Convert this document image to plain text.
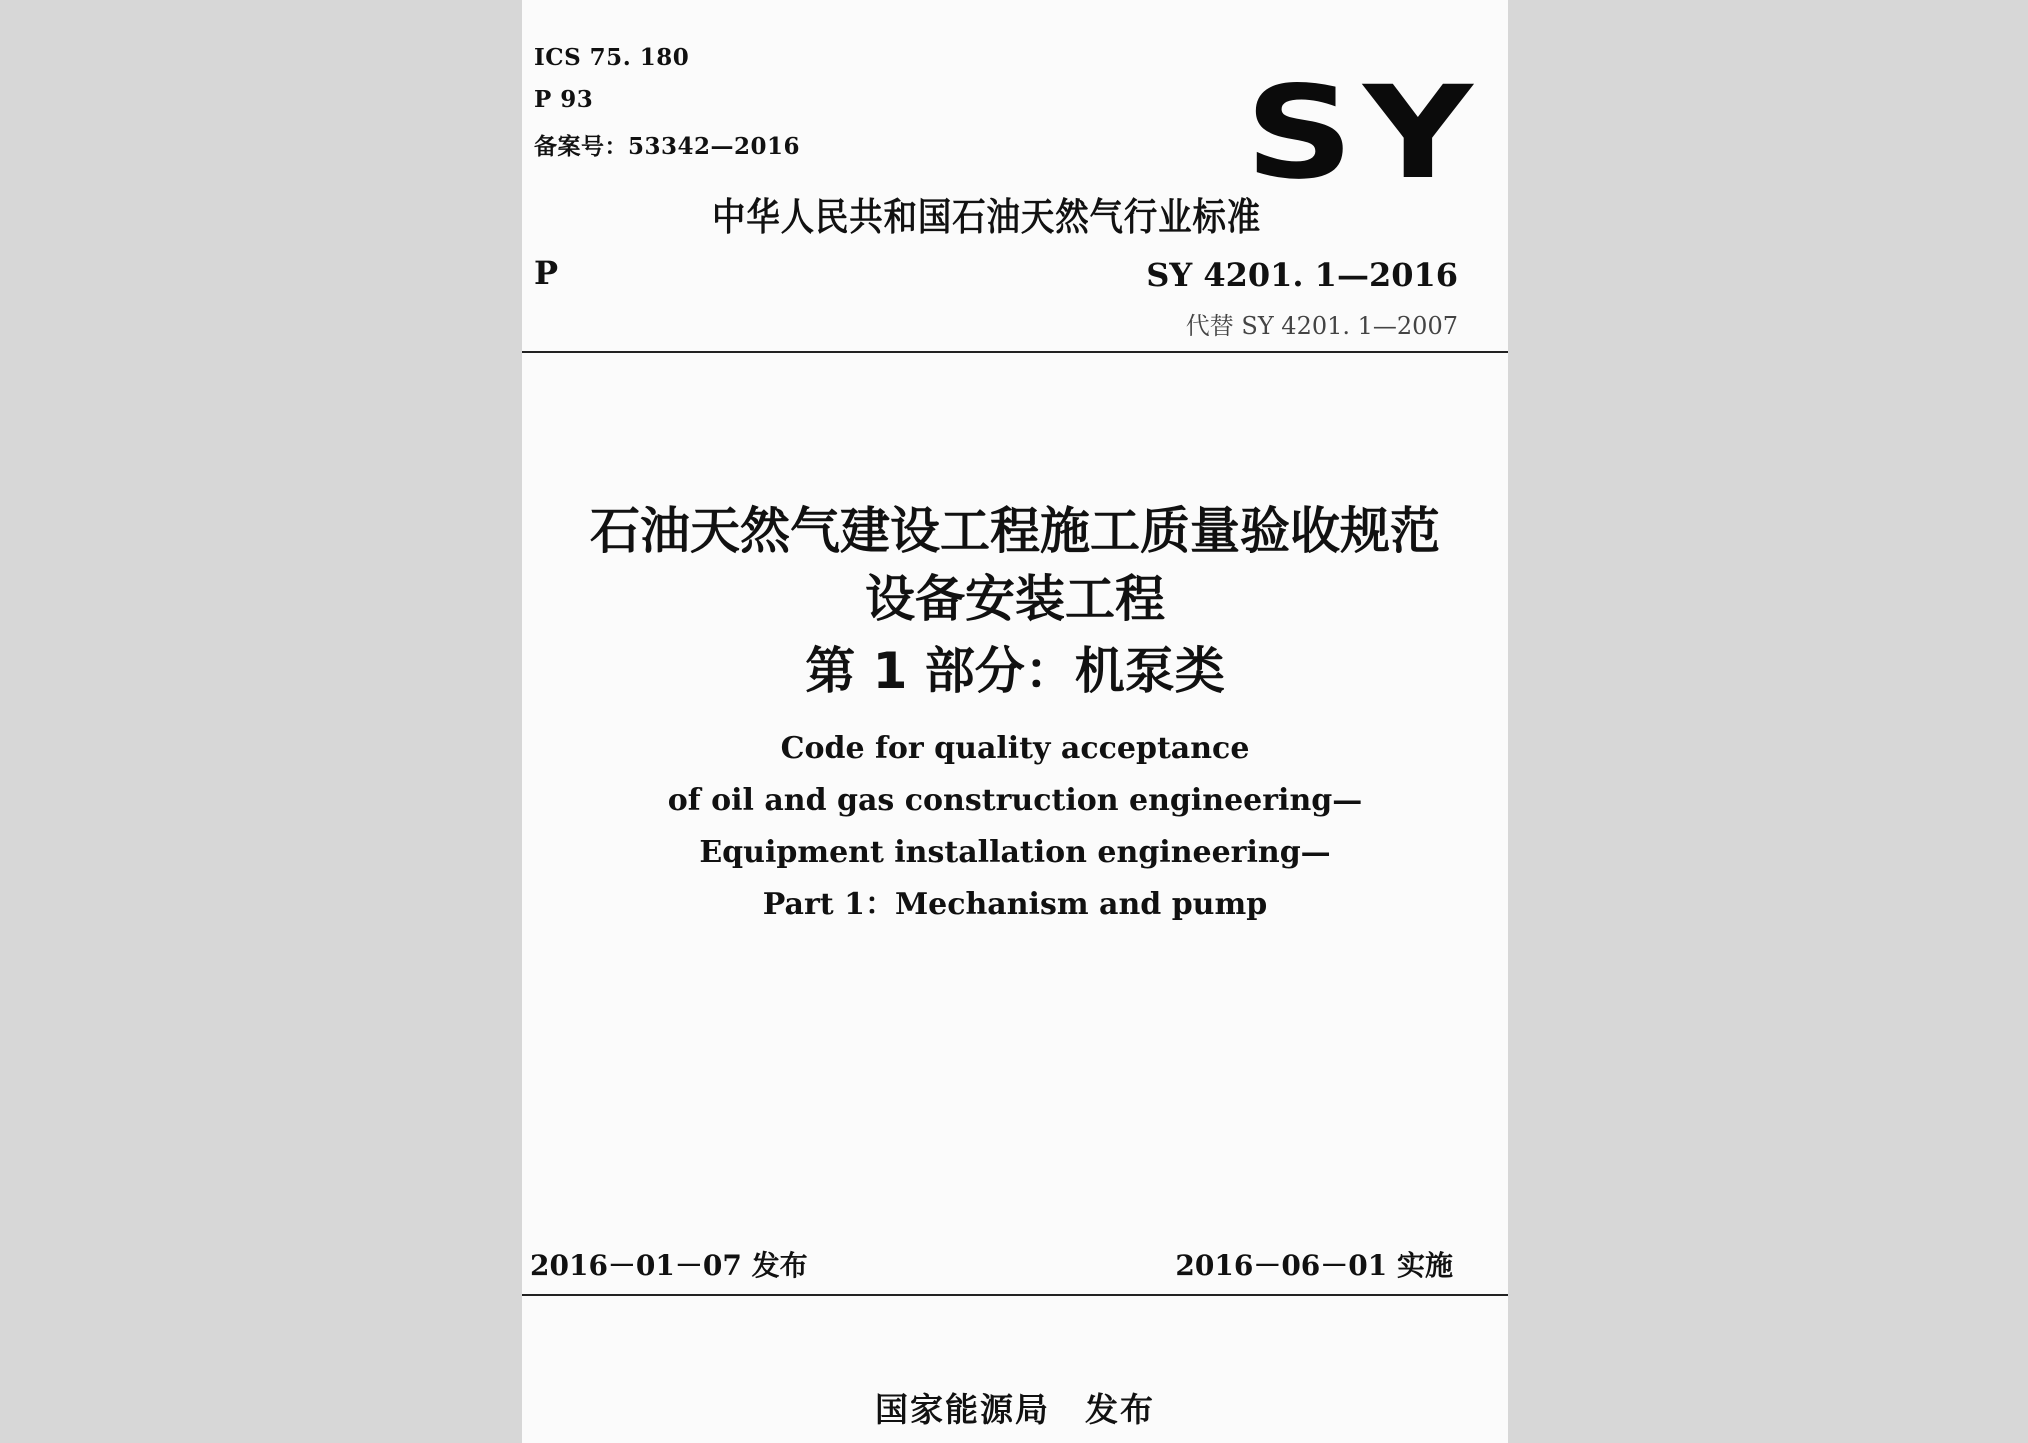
ICS 75. 180
P 93
备案号：53342—2016	SY
中华人民共和国石油天然气行业标准
P	SY 4201. 1—2016
代替 SY 4201. 1—2007
石油天然气建设工程施工质量验收规范
设备安装工程
第 1 部分：机泵类
Code for quality acceptance
of oil and gas construction engineering—
Equipment installation engineering—
Part 1：Mechanism and pump
2016－01－07 发布	2016－06－01 实施
国家能源局　发布
